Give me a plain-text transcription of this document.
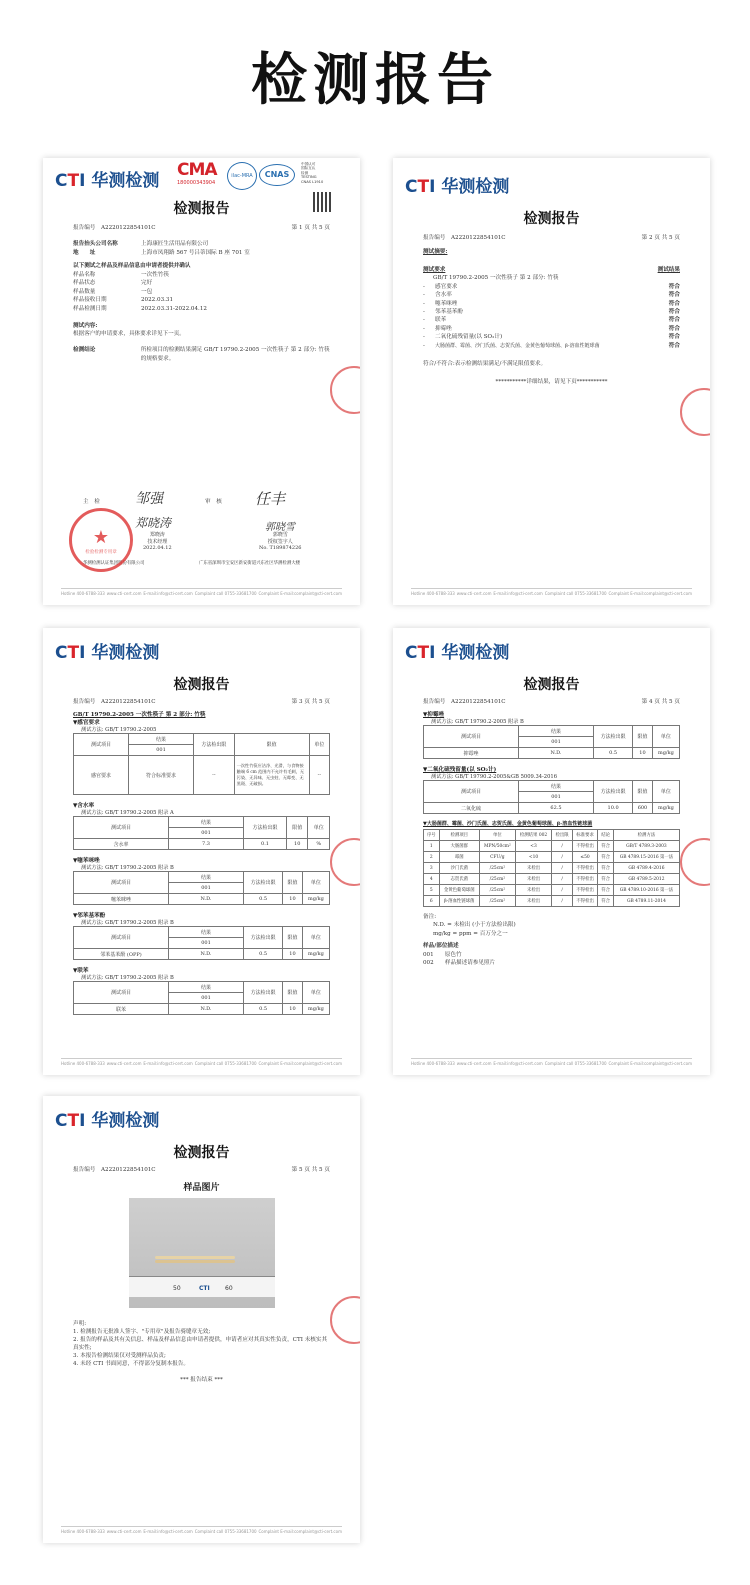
检测报告
CTI 华测检测
CMA
180000343904
ilac-MRA	CNAS
中国认可
国际互认
检测
TESTING
CNAS L1910
检测报告
报告编号　 A2220122854101C	第 1 页 共 5 页
报告抬头公司名称	上海康匠生活用品有限公司
地　　址	上海市凤翔路 567 号吕蒂国际 B 座 701 室
以下测试之样品及样品信息由申请者提供并确认
样品名称	一次性竹筷
样品状态	完好
样品数量	一包
样品接收日期	2022.03.31
样品检测日期	2022.03.31-2022.04.12
测试内容:
根据客户的申请要求，具体要求详见下一页。
检测结论	所检项目的检测结果满足 GB/T 19790.2-2005 一次性筷子 第 2 部分: 竹筷的规格要求。
主　检	邹强	审　核 任丰
郑晓涛	郭晓雪
郑晓涛
技术经理
2022.04.12
郭晓雪
授权签字人
No. T189874226
华测检测认证集团股份有限公司	广东省深圳市宝安区新安街道兴东社区华测检测大楼
★
检验检测专用章
Hotline 400-6788-333 www.cti-cert.com E-mail:info@cti-cert.com Complaint call 0755-33681700 Complaint E-mail:complaint@cti-cert.com
CTI 华测检测
检测报告
报告编号　 A2220122854101C	第 2 页 共 5 页
测试摘要:
测试要求	测试结果
GB/T 19790.2-2005 一次性筷子 第 2 部分: 竹筷
-	感官要求	符合
-	含水率	符合
-	噻苯咪唑	符合
-	邻苯基苯酚	符合
-	联苯	符合
-	抑霉唑	符合
-	二氧化硫残留量(以 SO₂计)	符合
-	大肠菌群、霉菌、沙门氏菌、志贺氏菌、金黄色葡萄球菌、β-溶血性链球菌	符合
符合/不符合:表示检测结果满足/不满足限值要求。
***********详细结果，请见下页***********
Hotline 400-6788-333 www.cti-cert.com E-mail:info@cti-cert.com Complaint call 0755-33681700 Complaint E-mail:complaint@cti-cert.com
CTI 华测检测
检测报告
报告编号　 A2220122854101C	第 3 页 共 5 页
GB/T 19790.2-2005 一次性筷子 第 2 部分: 竹筷
▼感官要求
测试方法: GB/T 19790.2-2005
测试项目	结果	方法检出限	限值	单位
	001			
感官要求	符合标准要求	--	一次性竹筷应洁净、光滑，与食物接触端 6 cm 范围内不允许有毛刺，无污染、无异味、无虫蛀、无霉变、无黑斑、无破损。	--
▼含水率
测试方法: GB/T 19790.2-2005 附录 A
测试项目	结果	方法检出限	限值	单位
	001			
含水率	7.3	0.1	10	%
▼噻苯咪唑
测试方法: GB/T 19790.2-2005 附录 B
测试项目	结果	方法检出限	限值	单位
	001			
噻苯咪唑	N.D.	0.5	10	mg/kg
▼邻苯基苯酚
测试方法: GB/T 19790.2-2005 附录 B
测试项目	结果	方法检出限	限值	单位
	001			
邻苯基苯酚 (OPP)	N.D.	0.5	10	mg/kg
▼联苯
测试方法: GB/T 19790.2-2005 附录 B
测试项目	结果	方法检出限	限值	单位
	001			
联苯	N.D.	0.5	10	mg/kg
Hotline 400-6788-333 www.cti-cert.com E-mail:info@cti-cert.com Complaint call 0755-33681700 Complaint E-mail:complaint@cti-cert.com
CTI 华测检测
检测报告
报告编号　 A2220122854101C	第 4 页 共 5 页
▼抑霉唑
测试方法: GB/T 19790.2-2005 附录 B
测试项目	结果	方法检出限	限值	单位
	001			
抑霉唑	N.D.	0.5	10	mg/kg
▼二氧化硫残留量(以 SO₂计)
测试方法: GB/T 19790.2-2005&GB 5009.34-2016
测试项目	结果	方法检出限	限值	单位
	001			
二氧化硫	62.5	10.0	600	mg/kg
▼大肠菌群、霉菌、沙门氏菌、志贺氏菌、金黄色葡萄球菌、β-溶血性链球菌
序号	检测项目	单位	检测结果 002	检出限	标准要求	结论	检测方法
1	大肠菌群	MPN/50cm²	<3	/	不得检出	符合	GB/T 4789.3-2003
2	霉菌	CFU/g	<10	/	≤50	符合	GB 4789.15-2016 第一法
3	沙门氏菌	/25cm²	未检出	/	不得检出	符合	GB 4789.4-2016
4	志贺氏菌	/25cm²	未检出	/	不得检出	符合	GB 4789.5-2012
5	金黄色葡萄球菌	/25cm²	未检出	/	不得检出	符合	GB 4789.10-2016 第一法
6	β-溶血性链球菌	/25cm²	未检出	/	不得检出	符合	GB 4789.11-2014
备注:
N.D. = 未检出 (小于方法检出限)
mg/kg = ppm = 百万分之一
样品/部位描述
001　　原色竹
002　　样品描述请参见照片
Hotline 400-6788-333 www.cti-cert.com E-mail:info@cti-cert.com Complaint call 0755-33681700 Complaint E-mail:complaint@cti-cert.com
CTI 华测检测
检测报告
报告编号　 A2220122854101C	第 5 页 共 5 页
样品图片
50	CTI	60
声明:
1. 检测报告无批准人签字、"专用章"及报告骑缝章无效;
2. 报告的样品及其有关信息、样品及样品信息由申请者提供，申请者应对其真实性负责，CTI 未核实其真实性;
3. 本报告检测结果仅对受测样品负责;
4. 未经 CTI 书面同意，不得部分复制本报告。
*** 报告结束 ***
Hotline 400-6788-333 www.cti-cert.com E-mail:info@cti-cert.com Complaint call 0755-33681700 Complaint E-mail:complaint@cti-cert.com
